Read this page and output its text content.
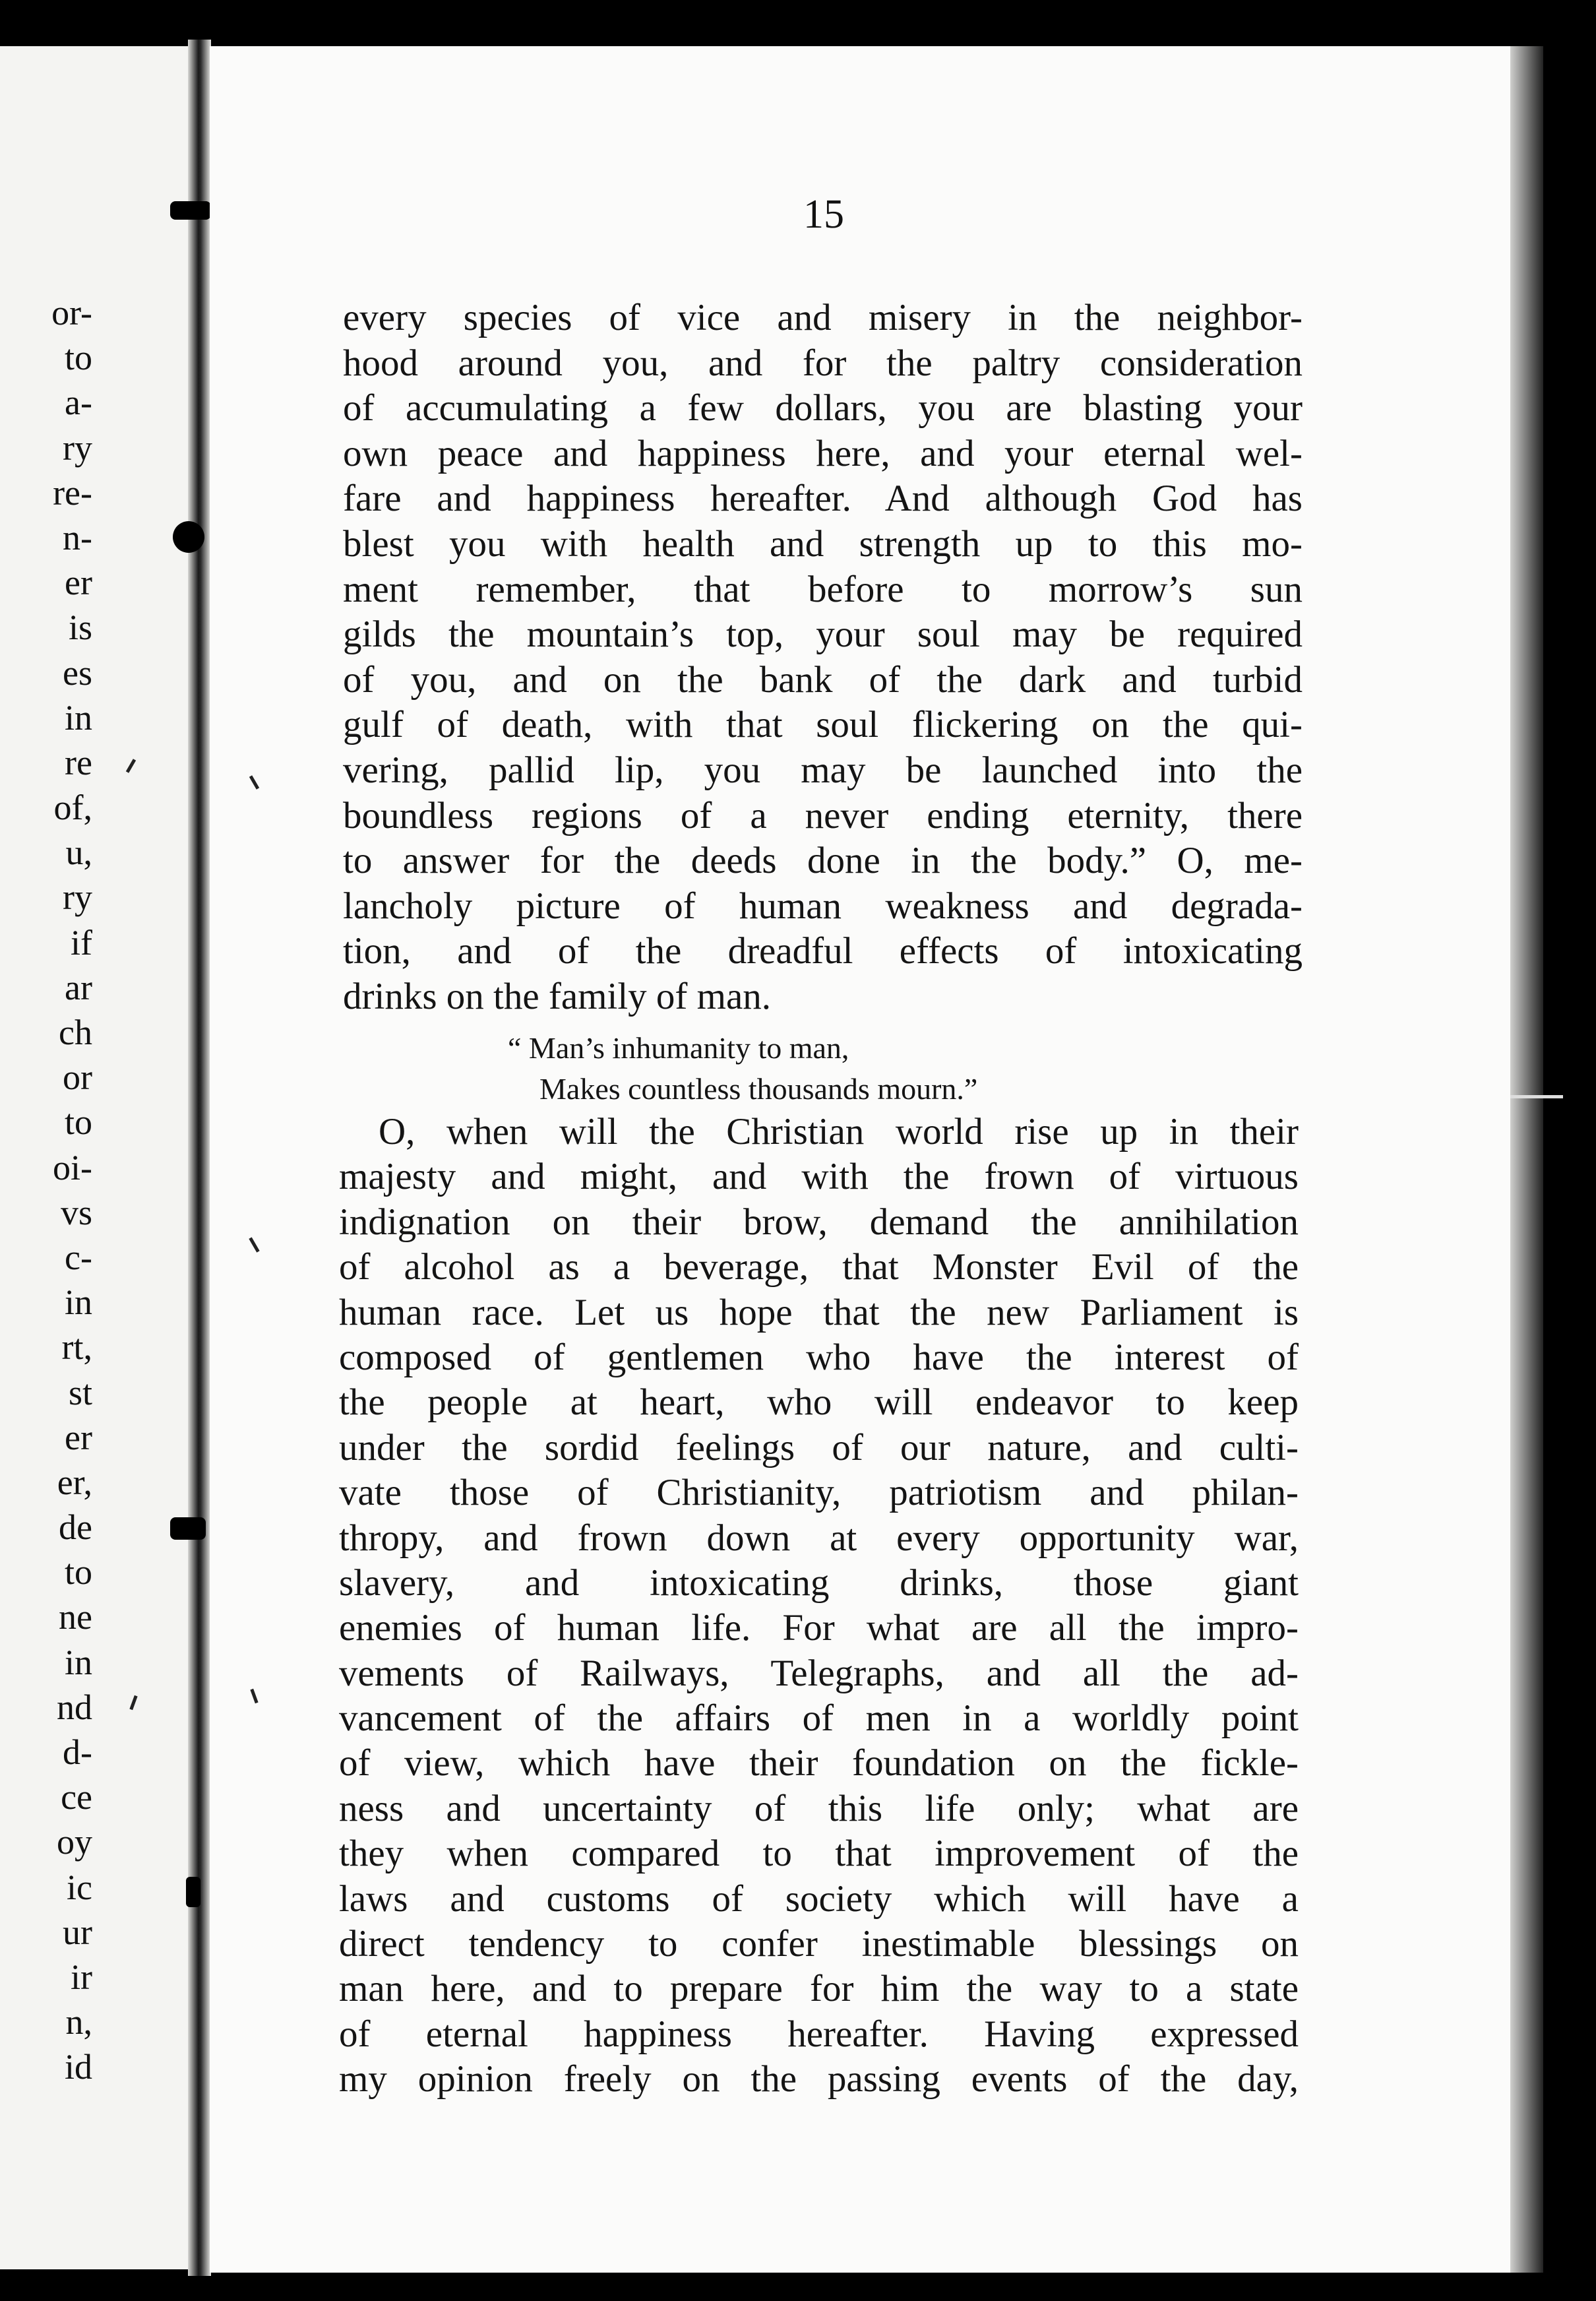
or-
to
a-
ry
re-
n-
er
is
es
in
re
of,
u,
ry
if
ar
ch
or
to
oi-
vs
c-
in
rt,
st
er
er,
de
to
ne
in
nd
d-
ce
oy
ic
ur
ir
n,
id
15
every species of vice and misery in the neighbor-
hood around you, and for the paltry consideration
of accumulating a few dollars, you are blasting your
own peace and happiness here, and your eternal wel-
fare and happiness hereafter. And although God has
blest you with health and strength up to this mo-
ment remember, that before to morrow’s sun
gilds the mountain’s top, your soul may be required
of you, and on the bank of the dark and turbid
gulf of death, with that soul flickering on the qui-
vering, pallid lip, you may be launched into the
boundless regions of a never ending eternity, there
to answer for the deeds done in the body.” O, me-
lancholy picture of human weakness and degrada-
tion, and of the dreadful effects of intoxicating
drinks on the family of man.
“ Man’s inhumanity to man,
Makes countless thousands mourn.”
O, when will the Christian world rise up in their
majesty and might, and with the frown of virtuous
indignation on their brow, demand the annihilation
of alcohol as a beverage, that Monster Evil of the
human race. Let us hope that the new Parliament is
composed of gentlemen who have the interest of
the people at heart, who will endeavor to keep
under the sordid feelings of our nature, and culti-
vate those of Christianity, patriotism and philan-
thropy, and frown down at every opportunity war,
slavery, and intoxicating drinks, those giant
enemies of human life. For what are all the impro-
vements of Railways, Telegraphs, and all the ad-
vancement of the affairs of men in a worldly point
of view, which have their foundation on the fickle-
ness and uncertainty of this life only; what are
they when compared to that improvement of the
laws and customs of society which will have a
direct tendency to confer inestimable blessings on
man here, and to prepare for him the way to a state
of eternal happiness hereafter. Having expressed
my opinion freely on the passing events of the day,
